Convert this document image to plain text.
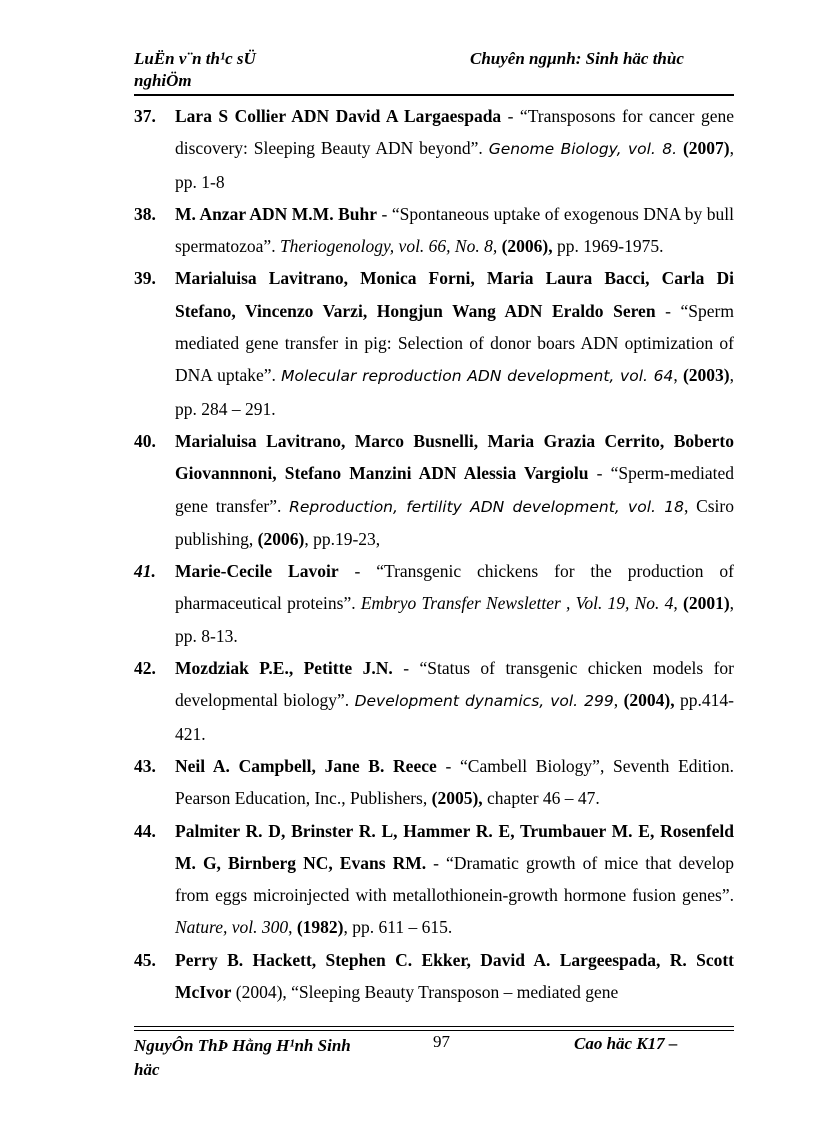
LuËn v¨n th¹c sÜ nghiÖm
Chuyên ngµnh: Sinh häc thùc
37. Lara S Collier ADN David A Largaespada - “Transposons for cancer gene discovery: Sleeping Beauty ADN beyond”. Genome Biology, vol. 8. (2007), pp. 1-8
38. M. Anzar ADN M.M. Buhr - “Spontaneous uptake of exogenous DNA by bull spermatozoa”. Theriogenology, vol. 66, No. 8, (2006), pp. 1969-1975.
39. Marialuisa Lavitrano, Monica Forni, Maria Laura Bacci, Carla Di Stefano, Vincenzo Varzi, Hongjun Wang ADN Eraldo Seren - “Sperm mediated gene transfer in pig: Selection of donor boars ADN optimization of DNA uptake”. Molecular reproduction ADN development, vol. 64, (2003), pp. 284 – 291.
40. Marialuisa Lavitrano, Marco Busnelli, Maria Grazia Cerrito, Boberto Giovannnoni, Stefano Manzini ADN Alessia Vargiolu - “Sperm-mediated gene transfer”. Reproduction, fertility ADN development, vol. 18, Csiro publishing, (2006), pp.19-23,
41. Marie-Cecile Lavoir - “Transgenic chickens for the production of pharmaceutical proteins”. Embryo Transfer Newsletter , Vol. 19, No. 4, (2001), pp. 8-13.
42. Mozdziak P.E., Petitte J.N. - “Status of transgenic chicken models for developmental biology”. Development dynamics, vol. 299, (2004), pp.414-421.
43. Neil A. Campbell, Jane B. Reece - “Cambell Biology”, Seventh Edition. Pearson Education, Inc., Publishers, (2005), chapter 46 – 47.
44. Palmiter R. D, Brinster R. L, Hammer R. E, Trumbauer M. E, Rosenfeld M. G, Birnberg NC, Evans RM. - “Dramatic growth of mice that develop from eggs microinjected with metallothionein-growth hormone fusion genes”. Nature, vol. 300, (1982), pp. 611 – 615.
45. Perry B. Hackett, Stephen C. Ekker, David A. Largeespada, R. Scott McIvor (2004), “Sleeping Beauty Transposon – mediated gene
NguyÔn ThÞ Hằng H¹nh Sinh häc
97	Cao häc K17 –
